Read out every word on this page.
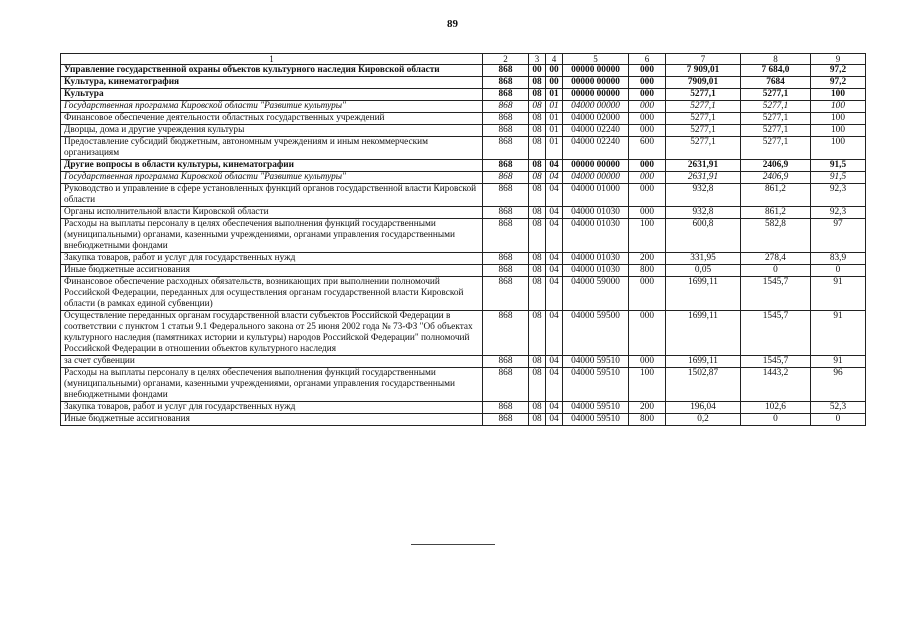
89
1	2	3	4	5	6	7	8	9
Управление государственной охраны объектов культурного наследия Кировской области	868	00	00	00000 00000	000	7 909,01	7 684,0	97,2
Культура, кинематография	868	08	00	00000 00000	000	7909,01	7684	97,2
Культура	868	08	01	00000 00000	000	5277,1	5277,1	100
Государственная программа Кировской области "Развитие культуры"	868	08	01	04000 00000	000	5277,1	5277,1	100
Финансовое обеспечение деятельности областных государственных учреждений	868	08	01	04000 02000	000	5277,1	5277,1	100
Дворцы, дома и другие учреждения культуры	868	08	01	04000 02240	000	5277,1	5277,1	100
Предоставление субсидий бюджетным, автономным учреждениям и иным некоммерческим организациям	868	08	01	04000 02240	600	5277,1	5277,1	100
Другие вопросы в области культуры, кинематографии	868	08	04	00000 00000	000	2631,91	2406,9	91,5
Государственная программа Кировской области "Развитие культуры"	868	08	04	04000 00000	000	2631,91	2406,9	91,5
Руководство и управление в сфере установленных функций органов государственной власти Кировской области	868	08	04	04000 01000	000	932,8	861,2	92,3
Органы исполнительной власти Кировской области	868	08	04	04000 01030	000	932,8	861,2	92,3
Расходы на выплаты персоналу в целях обеспечения выполнения функций государственными (муниципальными) органами, казенными учреждениями, органами управления государственными внебюджетными фондами	868	08	04	04000 01030	100	600,8	582,8	97
Закупка товаров, работ и услуг для государственных нужд	868	08	04	04000 01030	200	331,95	278,4	83,9
Иные бюджетные ассигнования	868	08	04	04000 01030	800	0,05	0	0
Финансовое обеспечение расходных обязательств, возникающих при выполнении полномочий Российской Федерации, переданных для осуществления органам государственной власти Кировской области (в рамках единой субвенции)	868	08	04	04000 59000	000	1699,11	1545,7	91
Осуществление переданных органам государственной власти субъектов Российской Федерации в соответствии с пунктом 1 статьи 9.1 Федерального закона от 25 июня 2002 года № 73-ФЗ "Об объектах культурного наследия (памятниках истории и культуры) народов Российской Федерации" полномочий Российской Федерации в отношении объектов культурного наследия	868	08	04	04000 59500	000	1699,11	1545,7	91
за счет субвенции	868	08	04	04000 59510	000	1699,11	1545,7	91
Расходы на выплаты персоналу в целях обеспечения выполнения функций государственными (муниципальными) органами, казенными учреждениями, органами управления государственными внебюджетными фондами	868	08	04	04000 59510	100	1502,87	1443,2	96
Закупка товаров, работ и услуг для государственных нужд	868	08	04	04000 59510	200	196,04	102,6	52,3
Иные бюджетные ассигнования	868	08	04	04000 59510	800	0,2	0	0
